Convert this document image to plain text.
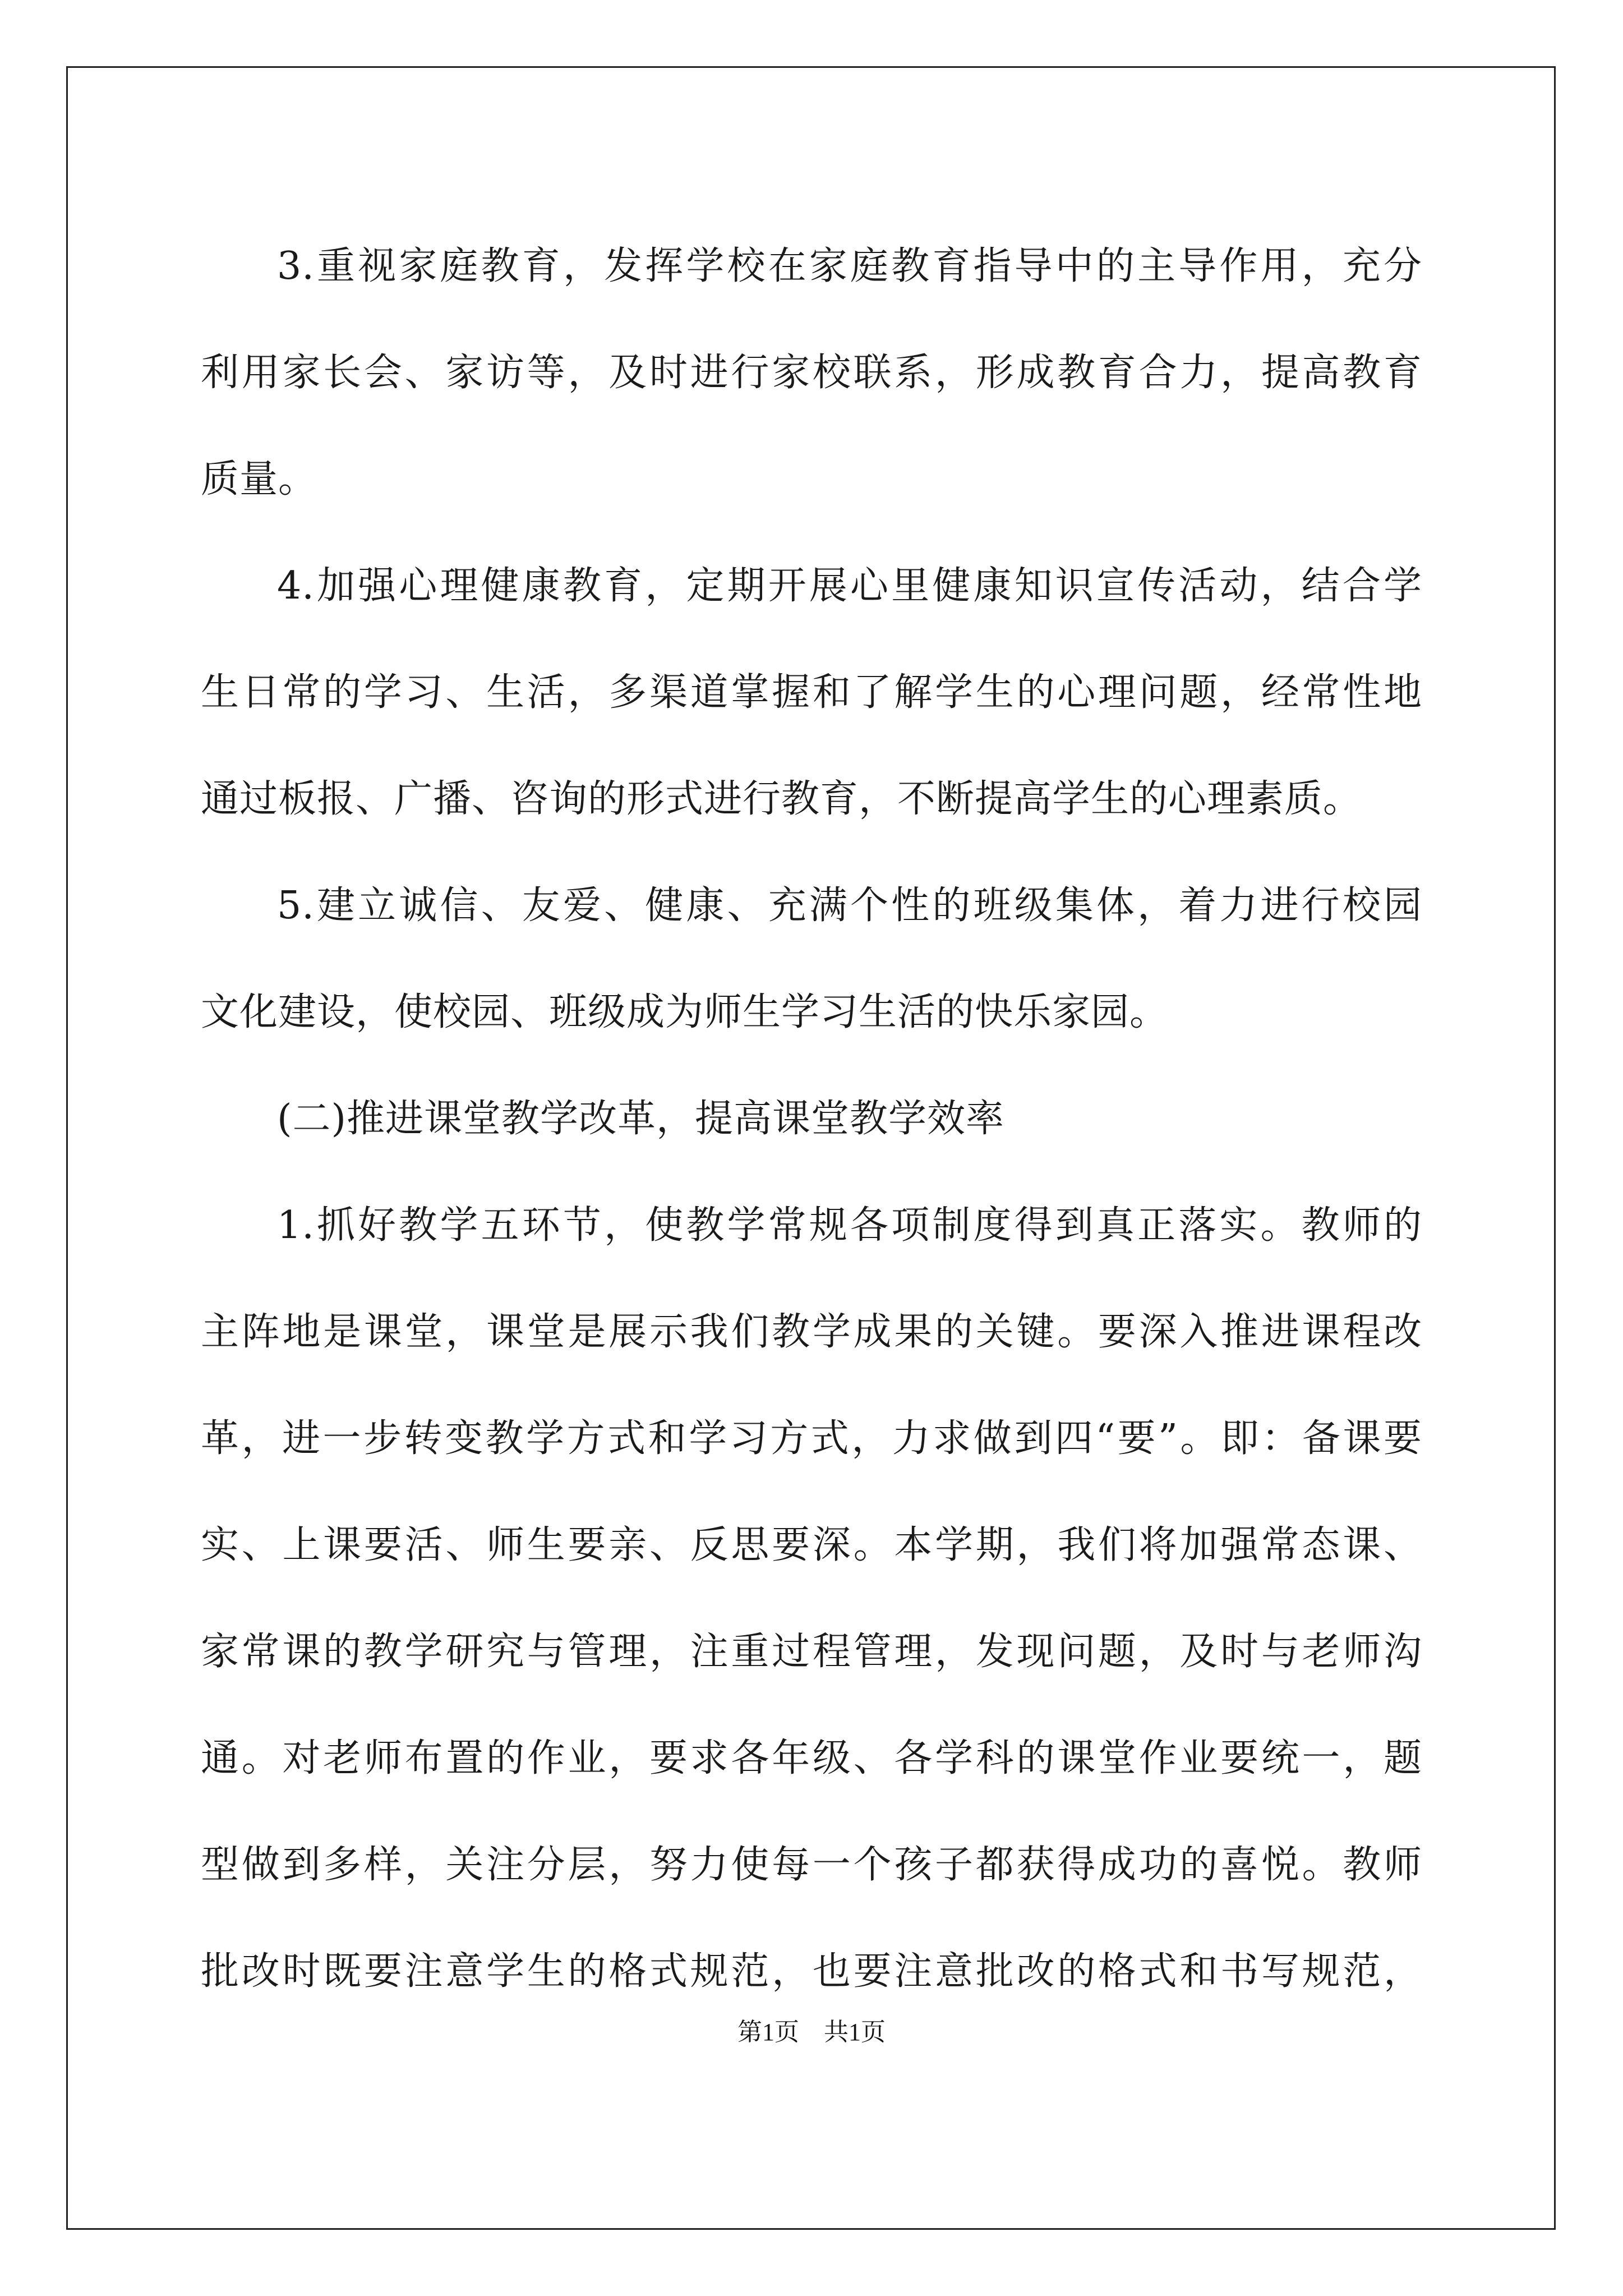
3.重视家庭教育，发挥学校在家庭教育指导中的主导作用，充分
利用家长会、家访等，及时进行家校联系，形成教育合力，提高教育
质量。
4.加强心理健康教育，定期开展心里健康知识宣传活动，结合学
生日常的学习、生活，多渠道掌握和了解学生的心理问题，经常性地
通过板报、广播、咨询的形式进行教育，不断提高学生的心理素质。
5.建立诚信、友爱、健康、充满个性的班级集体，着力进行校园
文化建设，使校园、班级成为师生学习生活的快乐家园。
(二)推进课堂教学改革，提高课堂教学效率
1.抓好教学五环节，使教学常规各项制度得到真正落实。教师的
主阵地是课堂，课堂是展示我们教学成果的关键。要深入推进课程改
革，进一步转变教学方式和学习方式，力求做到四“要”。即：备课要
实、上课要活、师生要亲、反思要深。本学期，我们将加强常态课、
家常课的教学研究与管理，注重过程管理，发现问题，及时与老师沟
通。对老师布置的作业，要求各年级、各学科的课堂作业要统一，题
型做到多样，关注分层，努力使每一个孩子都获得成功的喜悦。教师
批改时既要注意学生的格式规范，也要注意批改的格式和书写规范，
第1页　共1页
